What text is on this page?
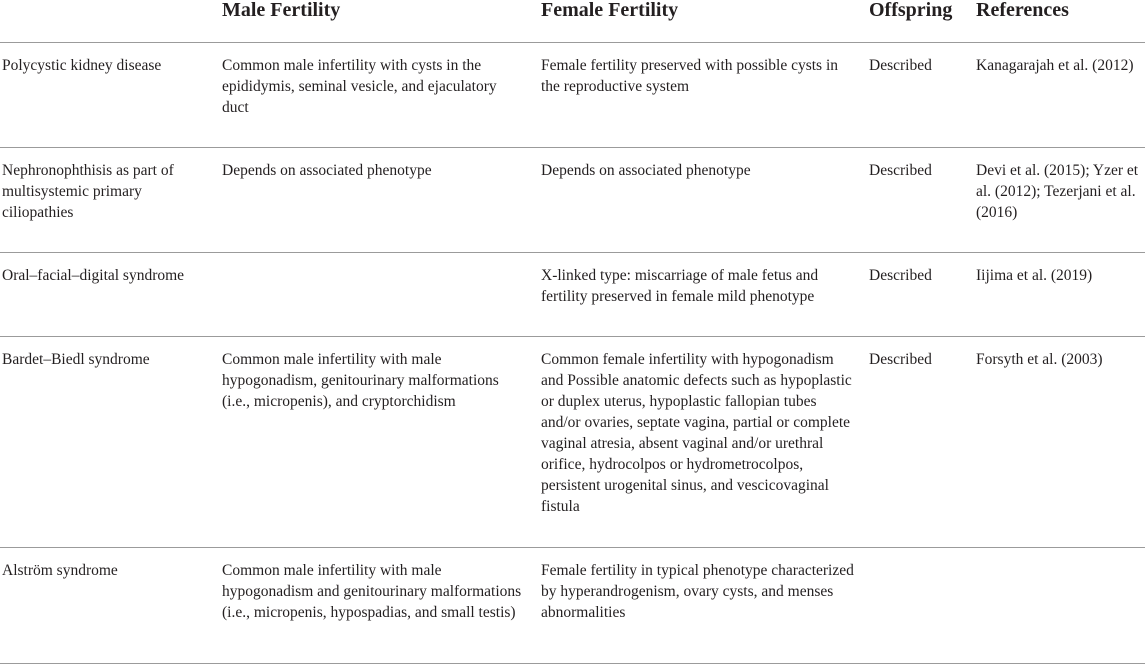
	Male Fertility	Female Fertility	Offspring	References
Polycystic kidney disease	Common male infertility with cysts in the epididymis, seminal vesicle, and ejaculatory duct	Female fertility preserved with possible cysts in the reproductive system	Described	Kanagarajah et al. (2012)
Nephronophthisis as part of multisystemic primary ciliopathies	Depends on associated phenotype	Depends on associated phenotype	Described	Devi et al. (2015); Yzer et al. (2012); Tezerjani et al. (2016)
Oral–facial–digital syndrome		X-linked type: miscarriage of male fetus and fertility preserved in female mild phenotype	Described	Iijima et al. (2019)
Bardet–Biedl syndrome	Common male infertility with male hypogonadism, genitourinary malformations (i.e., micropenis), and cryptorchidism	Common female infertility with hypogonadism and Possible anatomic defects such as hypoplastic or duplex uterus, hypoplastic fallopian tubes and/or ovaries, septate vagina, partial or complete vaginal atresia, absent vaginal and/or urethral orifice, hydrocolpos or hydrometrocolpos, persistent urogenital sinus, and vescicovaginal fistula	Described	Forsyth et al. (2003)
Alström syndrome	Common male infertility with male hypogonadism and genitourinary malformations (i.e., micropenis, hypospadias, and small testis)	Female fertility in typical phenotype characterized by hyperandrogenism, ovary cysts, and menses abnormalities		
